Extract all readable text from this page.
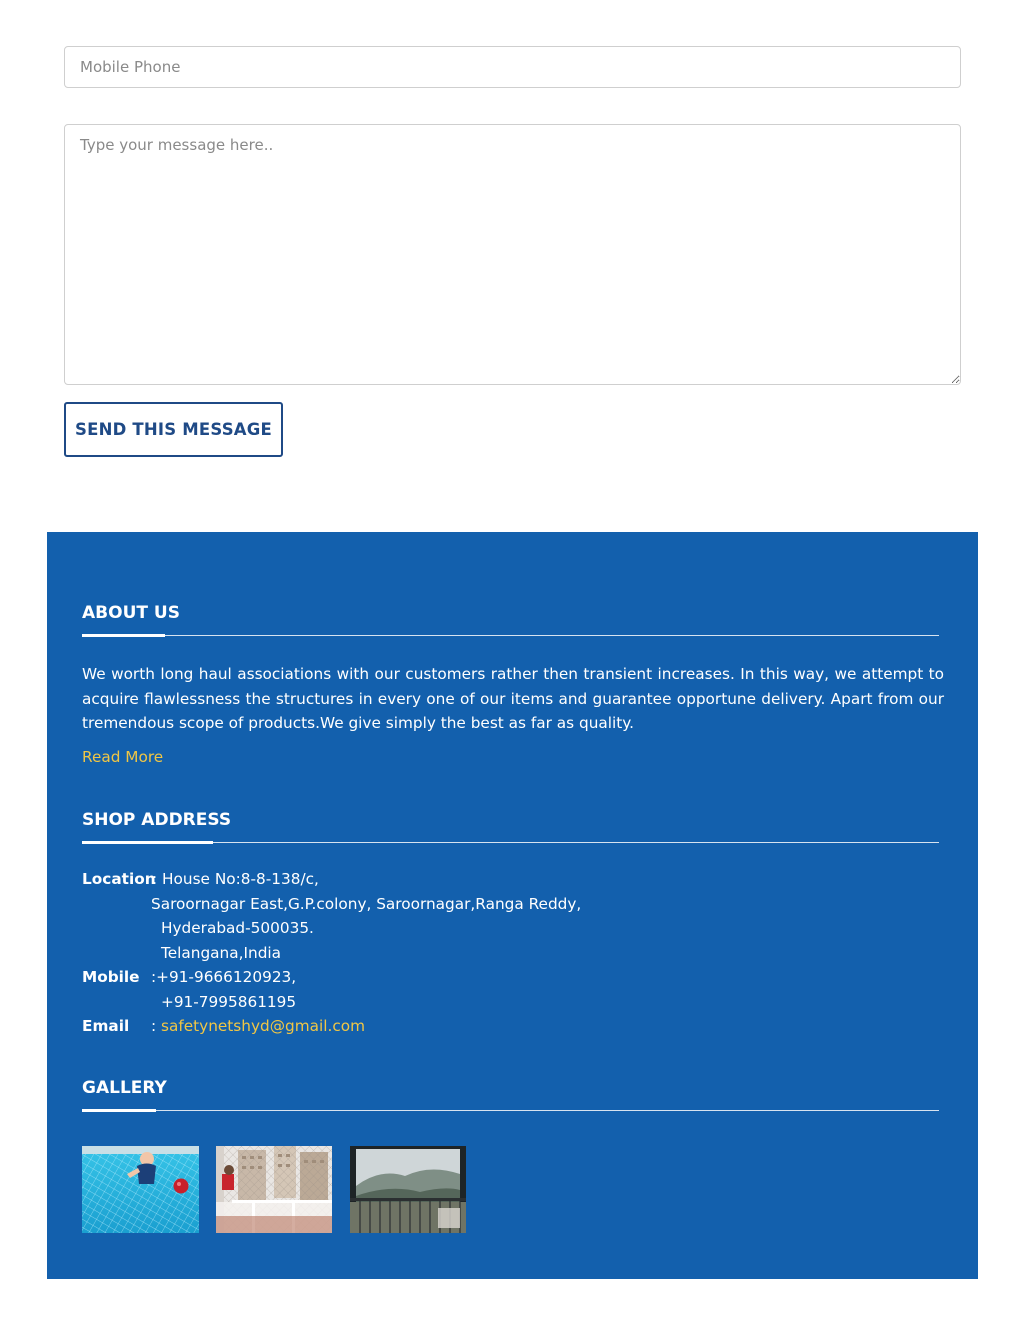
Mobile Phone
Type your message here.. SEND THIS MESSAGE
ABOUT US

We worth long haul associations with our customers rather then transient increases. In this way, we attempt to acquire flawlessness the structures in every one of our items and guarantee opportune delivery. Apart from our tremendous scope of products.We give simply the best as far as quality.

Read More
SHOP ADDRESS
Location
: House No:8-8-138/c,
Saroornagar East,G.P.colony, Saroornagar,Ranga Reddy,
Hyderabad-500035.
Telangana,India
Mobile :+91-9666120923,
+91-7995861195
Email : safetynetshyd@gmail.com
GALLERY
